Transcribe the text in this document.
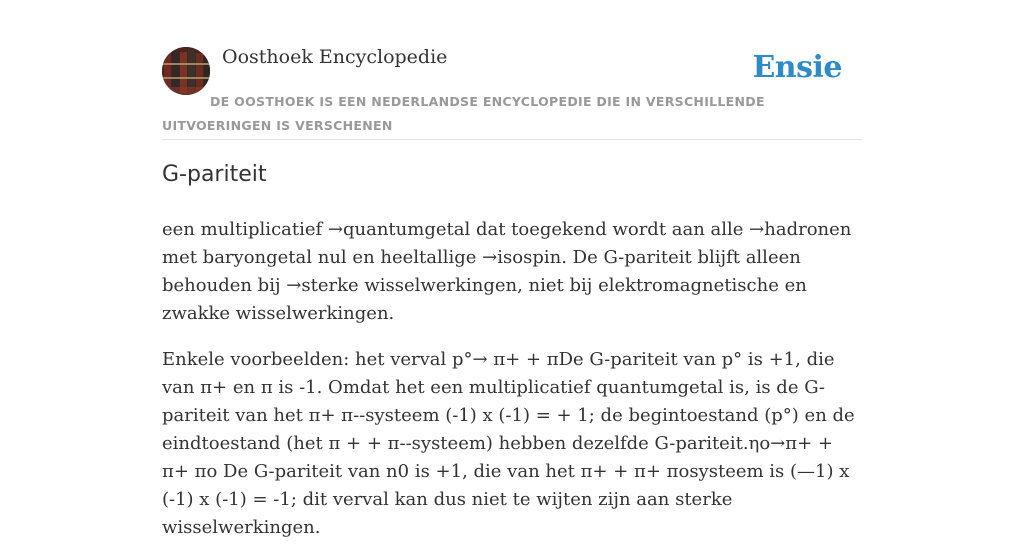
Oosthoek Encyclopedie	Ensie
DE OOSTHOEK IS EEN NEDERLANDSE ENCYCLOPEDIE DIE IN VERSCHILLENDE UITVOERINGEN IS VERSCHENEN
G-pariteit

een multiplicatief →quantumgetal dat toegekend wordt aan alle →hadronen met baryongetal nul en heeltallige →isospin. De G-pariteit blijft alleen behouden bij →sterke wisselwerkingen, niet bij elektromagnetische en zwakke wisselwerkingen.

Enkele voorbeelden: het verval p°→ π+ + πDe G-pariteit van p° is +1, die van π+ en π is -1. Omdat het een multiplicatief quantumgetal is, is de G-pariteit van het π+ π--systeem (-1) x (-1) = + 1; de begintoestand (p°) en de eindtoestand (het π + + π--systeem) hebben dezelfde G-pariteit.ηo→π+ + π+ πo De G-pariteit van n0 is +1, die van het π+ + π+ πosysteem is (—1) x (-1) x (-1) = -1; dit verval kan dus niet te wijten zijn aan sterke wisselwerkingen.
